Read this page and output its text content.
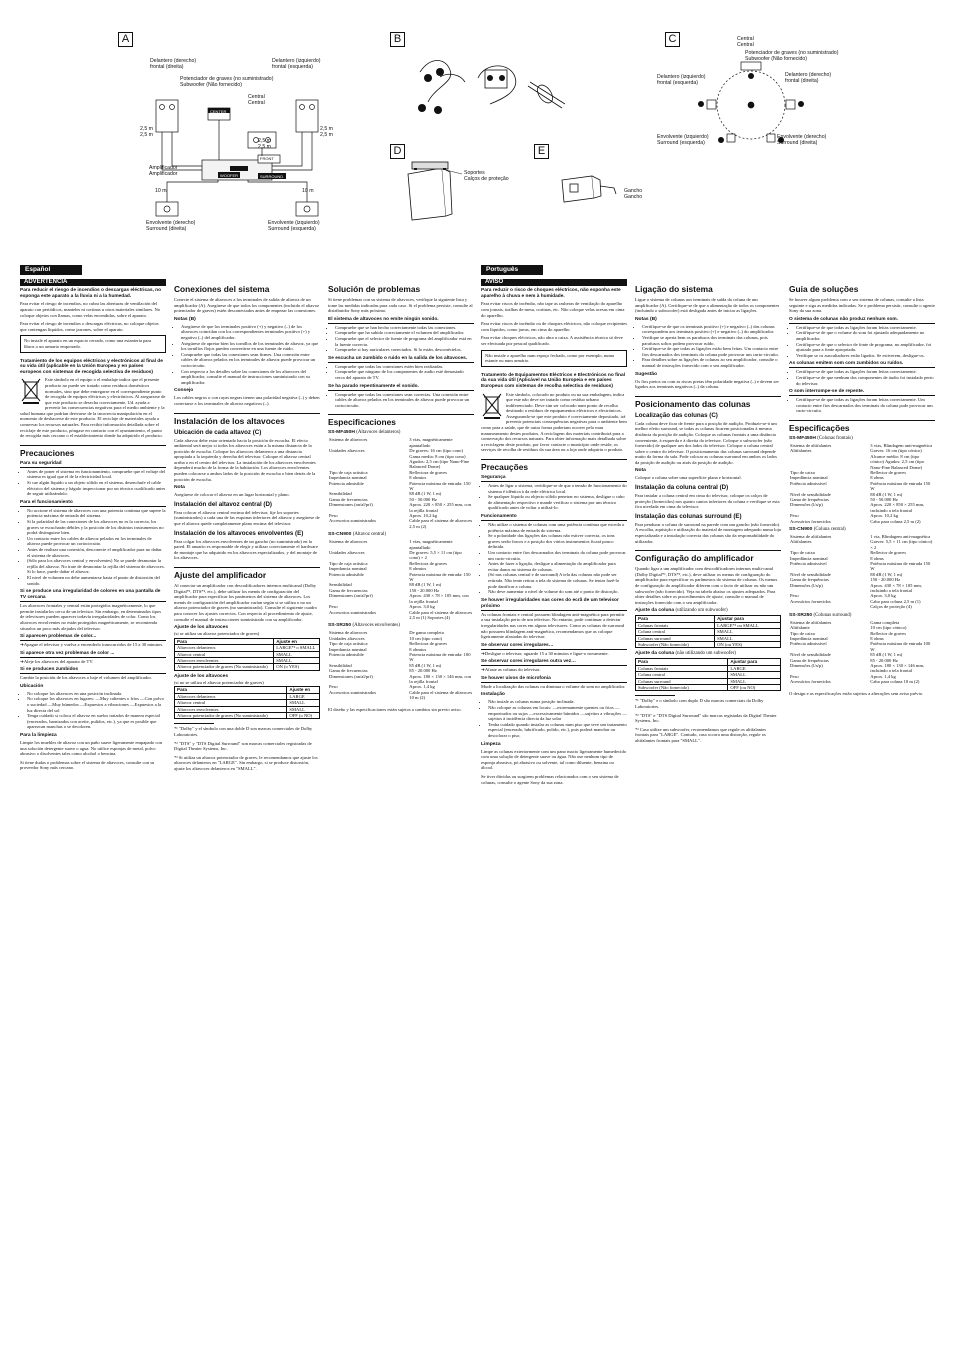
A
Delantero (derecho)
frontal (direita)
Delantero (izquierdo)
frontal (esquerda)
Potenciador de graves (no suministrado)
Subwoofer (Não fornecido)
Central
Central
2,5 m
2,5 m
2,5 m
2,5 m
2,5 m
2,5 m
Amplificador
Amplificador
10 m	10 m
CENTER
FRONT
WOOFER	SURROUND
Envolvente (derecho)
Surround (direita)
Envolvente (izquierdo)
Surround (esquerda)
B	C	Central
Central
Potenciador de graves (no suministrado)
Subwoofer (Não fornecido)
Delantero (izquierdo)
frontal (esquerda)
Delantero (derecho)
frontal (direita)
Envolvente (izquierdo)
Surround (esquerda)
Envolvente (derecho)
Surround (direita)
D
Soportes
Calços de proteção
E
Gancho
Gancho
Español
ADVERTENCIA
Para reducir el riesgo de incendios o descargas eléctricas, no exponga este aparato a la lluvia ni a la humedad.

Para evitar el riesgo de incendios, no cubra las aberturas de ventilación del aparato con periódicos, manteles ni cortinas u otros materiales similares. No coloque objetos con llamas, como velas encendidas, sobre el aparato.

Para evitar el riesgo de incendios o descargas eléctricas, no coloque objetos que contengan líquidos, como jarrones, sobre el aparato.

No instale el aparato en un espacio cerrado, como una estantería para libros o un armario empotrado.
Tratamiento de los equipos eléctricos y electrónicos al final de su vida útil (aplicable en la Unión Europea y en países europeos con sistemas de recogida selectiva de residuos)

Este símbolo en el equipo o el embalaje indica que el presente producto no puede ser tratado como residuos domésticos normales, sino que debe entregarse en el correspondiente punto de recogida de equipos eléctricos y electrónicos. Al asegurarse de que este producto se desecha correctamente, Ud. ayuda a prevenir las consecuencias negativas para el medio ambiente y la salud humana que podrían derivarse de la incorrecta manipulación en el momento de deshacerse de este producto. El reciclaje de materiales ayuda a conservar los recursos naturales. Para recibir información detallada sobre el reciclaje de este producto, póngase en contacto con el ayuntamiento, el punto de recogida más cercano o el establecimiento donde ha adquirido el producto.

Precauciones
Para su seguridad
• Antes de poner el sistema en funcionamiento, compruebe que el voltaje del sistema es igual que el de la electricidad local.
• Si cae algún líquido o un objeto sólido en el sistema, desenchufe el cable eléctrico del sistema y hágalo inspeccionar por un técnico cualificado antes de seguir utilizándolo.
Para el funcionamiento
• No accione el sistema de altavoces con una potencia continua que supere la potencia máxima de entrada del sistema.
• Si la polaridad de las conexiones de los altavoces no es la correcta, los graves se escucharán débiles y la posición de los distintos instrumentos no podrá distinguirse bien.
• Un contacto entre los cables de altavoz pelados en los terminales de altavoz puede provocar un cortocircuito.
• Antes de realizar una conexión, desconecte el amplificador para no dañar el sistema de altavoces.
• (Sólo para los altavoces central y envolventes) No se puede desmontar la rejilla del altavoz. No trate de desmontar la rejilla del sistema de altavoces. Si lo hace, puede dañar el altavoz.
• El nivel de volumen no debe aumentarse hasta el punto de distorsión del sonido.
Si se produce una irregularidad de colores en una pantalla de TV cercana

Los altavoces frontales y central están protegidos magnéticamente, lo que permite instalarlos cerca de un televisor. Sin embargo, en determinados tipos de televisores pueden aparecer todavía irregularidades de color. Como los altavoces envolventes no están protegidos magnéticamente, se recomienda situarlos un poco más alejados del televisor.

Si aparecen problemas de color...

➔Apague el televisor y vuelva a encenderlo transcurridos de 15 a 30 minutos.

Si aparece otra vez problemas de color ...

➔Aleje los altavoces del aparato de TV.

Si se producen zumbidos

Cambie la posición de los altavoces o baje el volumen del amplificador.

Ubicación
• No coloque los altavoces en una posición inclinada.
• No coloque los altavoces en lugares: —Muy calientes o fríos —Con polvo o suciedad —Muy húmedos —Expuestos a vibraciones —Expuestos a la luz directa del sol
• Tenga cuidado si coloca el altavoz en suelos tratados de manera especial (encerados, barnizados con aceite, pulidos, etc.), ya que es posible que aparezcan manchas o se decoloren.
Para la limpieza

Limpie los muebles de altavoz con un paño suave ligeramente empapado con una solución detergente suave o agua. No utilice esponjas de metal, polvo abrasivo o disolventes tales como alcohol o bencina.

Si tiene dudas o problemas sobre el sistema de altavoces, consulte con su proveedor Sony más cercano.

Conexiones del sistema

Conecte el sistema de altavoces a los terminales de salida de altavoz de un amplificador (A). Asegúrese de que todos los componentes (incluido el altavoz potenciador de graves) estén desconectados antes de empezar las conexiones.

Notas (B)
• Asegúrese de que los terminales positivo (+) y negativo (–) de los altavoces coincidan con los correspondientes terminales positivo (+) y negativo (–) del amplificador.
• Asegúrese de apretar bien los tornillos de los terminales de altavoz, ya que los tornillos flojos pueden convertirse en una fuente de ruido.
• Compruebe que todas las conexiones sean firmes. Una conexión entre cables de altavoz pelados en los terminales de altavoz puede provocar un cortocircuito.
• Con respecto a los detalles sobre las conexiones de los altavoces del amplificador, consulte el manual de instrucciones suministrado con su amplificador.
Consejo

Los cables negros o con rayas negras tienen una polaridad negativa (–) y deben conectarse a los terminales de altavoz negativos (–).

Instalación de los altavoces
Ubicación de cada altavoz (C)

Cada altavoz debe estar orientado hacia la posición de escucha. El efecto ambiental será mejor si todos los altavoces están a la misma distancia de la posición de escucha. Coloque los altavoces delanteros a una distancia apropiada a la izquierda y derecha del televisor. Coloque el altavoz central arriba o en el centro del televisor. La instalación de los altavoces envolventes dependerá mucho de la forma de la habitación. Los altavoces envolventes pueden colocarse a ambos lados de la posición de escucha o bien detrás de la posición de escucha.

Nota

Asegúrese de colocar el altavoz en un lugar horizontal y plano.

Instalación del altavoz central (D)

Para colocar el altavoz central encima del televisor, fije los soportes (suministrados) a cada una de las esquinas inferiores del altavoz y asegúrese de que el altavoz quede completamente plano encima del televisor.

Instalación de los altavoces envolventes (E)

Para colgar los altavoces envolventes de un gancho (no suministrado) en la pared. El anuario es responsable de elegir y utilizar correctamente el hardware de montaje que ha adquirido en los altavoces especializados, y del montaje de los altavoces.

Ajuste del amplificador

Al conectar un amplificador con descodificadores internos multicanal (Dolby Digital*¹, DTS*², etc.), debe utilizar los menús de configuración del amplificador para especificar los parámetros del sistema de altavoces. Los menús de configuración del amplificador varían según si se utiliza o no un altavoz potenciador de graves (no suministrado). Consulte el siguiente cuadro para conocer los ajustes correctos. Con respecto al procedimiento de ajuste, consulte el manual de instrucciones suministrado con su amplificador.

Ajuste de los altavoces
(si se utiliza un altavoz potenciador de graves)
Para	Ajuste en
Altavoces delanteros	LARGE*³ o SMALL
Altavoz central	SMALL
Altavoces envolventes	SMALL
Altavoz potenciador de graves (No suministrado)	ON (o YES)
Ajuste de los altavoces
(si no se utiliza el altavoz potenciador de graves)
Para	Ajuste en
Altavoces delanteros	LARGE
Altavoz central	SMALL
Altavoces envolventes	SMALL
Altavoz potenciador de graves (No suministrado)	OFF (o NO)

*¹ "Dolby" y el símbolo con una doble D son marcas comerciales de Dolby Laboratories.

*² "DTS" y "DTS Digital Surround" son marcas comerciales registradas de Digital Theater Systems, Inc.

*³ Si utiliza un altavoz potenciador de graves, le recomendamos que ajuste los altavoces delanteros en "LARGE". Sin embargo, si se produce distorsión, ajuste los altavoces delanteros en "SMALL".

Solución de problemas

Si tiene problemas con su sistema de altavoces, verifique la siguiente lista y tome las medidas indicadas para cada caso. Si el problema persiste, consulte al distribuidor Sony más próximo.

El sistema de altavoces no emite ningún sonido.
• Compruebe que se han hecho correctamente todas las conexiones.
• Compruebe que ha subido correctamente el volumen del amplificador.
• Compruebe que el selector de fuente de programa del amplificador está en la fuente correcta.
• Compruebe si hay auriculares conectados. Si lo están, desconéctelos.
Se escucha un zumbido o ruido en la salida de los altavoces.
• Compruebe que todas las conexiones estén bien realizadas.
• Compruebe que ninguno de los componentes de audio esté demasiado cerca del aparato de TV.
Se ha parado repentinamente el sonido.
• Compruebe que todas las conexiones sean correctas. Una conexión entre cables de altavoz pelados en los terminales de altavoz puede provocar un cortocircuito.
Especificaciones
SS-MF450H (Altavoces delanteros)
Sistema de altavoces	3 vías, magnéticamente apantallado
Unidades altavoces	De graves: 16 cm (tipo cono) Gama media: 8 cm (tipo cono) Agudos: 2,5 cm (tipo Nano-Fine Balanced Dome)
Tipo de caja acústica	Reflectora de graves
Impedancia nominal	8 ohmios
Potencia admisible	Potencia máxima de entrada: 150 W
Sensibilidad	88 dB (1 W, 1 m)
Gama de frecuencias	50 - 50.000 Hz
Dimensiones (an/al/prf)	Aprox. 220 × 850 × 255 mm, con la rejilla frontal
Peso	Aprox. 10,2 kg
Accesorios suministrados	Cable para el sistema de altavoces 2,5 m (2)
SS-CN900 (Altavoz central)
Sistema de altavoces	1 vías, magnéticamente apantallado
Unidades altavoces	De graves: 5,5 × 11 cm (tipo cono) × 2
Tipo de caja acústica	Reflectora de graves
Impedancia nominal	8 ohmios
Potencia admisible	Potencia máxima de entrada: 150 W
Sensibilidad	88 dB (1 W, 1 m)
Gama de frecuencias	150 - 20.000 Hz
Dimensiones (an/al/prf)	Aprox. 430 × 78 × 105 mm, con la rejilla frontal
Peso	Aprox. 3,0 kg
Accesorios suministrados	Cable para el sistema de altavoces 2,5 m (1) Soportes (4)
SS-SR250 (Altavoces envolventes)
Sistema de altavoces	De gama completa
Unidades altavoces	10 cm (tipo cono)
Tipo de caja acústica	Reflectora de graves
Impedancia nominal	8 ohmios
Potencia admisible	Potencia máxima de entrada: 100 W
Sensibilidad	85 dB (1 W, 1 m)
Gama de frecuencias	85 - 20.000 Hz
Dimensiones (an/al/prf)	Aprox. 180 × 130 × 146 mm, con la rejilla frontal
Peso	Aprox. 1,4 kg
Accesorios suministrados	Cable para el sistema de altavoces 10 m (2)

El diseño y las especificaciones están sujetos a cambios sin previo aviso.

Português
AVISO
Para reduzir o risco de choques eléctricos, não exponha este aparelho à chuva e nem à humidade.

Para evitar riscos de incêndio, não tape as rasheras de ventilação do aparelho com jornais, toalhas de mesa, cortinas, etc. Não coloque velas acesas em cima do aparelho.

Para evitar riscos de incêndio ou de choques eléctricos, não coloque recipientes com líquidos, como jarras, em cima do aparelho.

Para evitar choques eléctricos, não abra a caixa. A assistência técnica só deve ser efectuada por pessoal qualificado.

Não instale o aparelho num espaço fechado, como por exemplo, numa estante ou num armário.
Tratamento de Equipamentos Eléctricos e Electrónicos no final da sua vida útil (Aplicável na União Europeia e em países Europeus com sistemas de recolha selectiva de resíduos)

Este símbolo, colocado no produto ou na sua embalagem, indica que este não deve ser tratado como resíduo urbano indiferenciado. Deve sim ser colocado num ponto de recolha destinado a resíduos de equipamentos eléctricos e electrónicos. Assegurando-se que este produto é correctamente depositado, irá prevenir potenciais consequências negativas para o ambiente bem como para a saúde, que de outra forma poderiam ocorrer pelo mau manuseamento destes produtos. A reciclagem dos materiais contribuirá para a conservação dos recursos naturais. Para obter informação mais detalhada sobre a reciclagem deste produto, por favor contacte o município onde reside, os serviços de recolha de resíduos da sua área ou a loja onde adquiriu o produto.

Precauções
Segurança
• Antes de ligar o sistema, certifique-se de que a tensão de funcionamento do sistema é idêntica à da rede eléctrica local.
• Se qualquer líquido ou objecto sólido penetrar no sistema, desligue o cabo de alimentação respectivo e mande verificar o sistema por um técnico qualificado antes de voltar a utilizá-lo.
Funcionamento
• Não utilize o sistema de colunas com uma potência contínua que exceda a potência máxima de entrada do sistema.
• Se a polaridade das ligações das colunas não estiver correcta, os tons graves serão fracos e a posição dos vários instrumentos ficará pouco definida.
• Um contacto entre fios descarnados dos terminais da coluna pode provocar um curto-circuito.
• Antes de fazer a ligação, desligue a alimentação do amplificador para evitar danos no sistema de colunas.
• (Só nas colunas central e de surround) A tela das colunas não pode ser retirada. Não tente retirar a tela do sistema de colunas. Se tentar fazê-lo pode danificar a coluna.
• Não deve aumentar o nível de volume do som até o ponto de distorção.
Se houver irregularidades nas cores do ecrã de um televisor próximo

As colunas frontais e central possuem blindagem anti-magnética para permitir a sua instalação perto de um televisor. No entanto, pode continuar a detectar irregularidades nas cores em alguns televisores. Como as colunas de surround não possuem blindagem anti-magnética, recomendamos que as coloque ligeiramente afastadas do televisor.

Se observar cores irregulares…

➔Desligue o televisor, aguarde 15 a 30 minutos e ligue-o novamente.

Se observar cores irregulares outra vez…

➔Afaste as colunas do televisor.

Se houver uivos de microfonia

Mude a localização das colunas ou diminua o volume do som no amplificador.

Instalação
• Não instale as colunas numa posição inclinada.
• Não coloque as colunas em locais: —extremamente quentes ou frios —empoeirados ou sujos —excessivamente húmidos —sujeitos a vibrações —sujeitos à incidência directa da luz solar
• Tenha cuidado quando instalar as colunas num piso que teve um tratamento especial (encerado, lubrificado, polido, etc.), pois poderá manchar ou descolorar o piso.
Limpeza

Limpe as colunas exteriormente com um pano macio ligeiramente humedecido com uma solução de detergente suave ou água. Não use nenhum tipo de esponja abrasiva, pó abrasivo ou solvente, tal como diluente, benzina ou álcool.

Se tiver dúvidas ou surgirem problemas relacionados com o seu sistema de colunas, consulte o agente Sony da sua zona.

Ligação do sistema

Ligue o sistema de colunas aos terminais de saída da coluna de um amplificador (A). Certifique-se de que a alimentação de todos os componentes (incluindo o subwoofer) está desligada antes de iniciar as ligações.

Notas (B)
• Certifique-se de que os terminais positivo (+) e negativo (–) das colunas correspondem aos terminais positivo (+) e negativo (–) do amplificador.
• Verifique se aperta bem os parafusos dos terminais das colunas, pois parafusos soltos podem provocar ruído.
• Certifique-se de que todas as ligações estão bem feitas. Um contacto entre fios descarnados dos terminais da coluna pode provocar um curto-circuito.
• Para detalhes sobre as ligações de colunas ao seu amplificador, consulte o manual de instruções fornecido com o seu amplificador.
Sugestão

Os fios pretos ou com as riscas pretas têm polaridade negativa (–) e devem ser ligados aos terminais negativos (–) da coluna.

Posicionamento das colunas
Localização das colunas (C)

Cada coluna deve ficar de frente para a posição de audição. Produzir-se-á um melhor efeito surround, se todas as colunas ficarem posicionadas à mesma distância da posição de audição. Coloque as colunas frontais a uma distância conveniente, à esquerda e à direita do televisor. Coloque o subwoofer (não fornecido) de qualquer um dos lados do televisor. Coloque a coluna central sobre o centro do televisor. O posicionamento das colunas surround depende muito da forma da sala. Pode colocar as colunas surround em ambos os lados da posição de audição ou atrás da posição de audição.

Nota

Coloque a coluna sobre uma superfície plana e horizontal.

Instalação da coluna central (D)

Para instalar a coluna central em cima do televisor, coloque os calços de proteção (fornecidos) nos quatro cantos inferiores da coluna e verifique se esta fica nivelada em cima do televisor.

Instalação das colunas surround (E)

Para pendurar a coluna de surround na parede com um gancho (não fornecido). A escolha, aquisição e utilização do material de montagem adequado numa loja especializada e a instalação correcta das colunas são da responsabilidade do utilizador.

Configuração do amplificador

Quando ligar a um amplificador com descodificadores internos multi-canal (Dolby Digital*¹, DTS*², etc.), deve utilizar os menus de configuração do amplificador para especificar os parâmetros do sistema de colunas. Os menus de configuração do amplificador diferem com o facto de utilizar ou não um subwoofer (não fornecido). Veja na tabela abaixo os ajustes adequados. Para obter detalhes sobre os procedimentos de ajuste, consulte o manual de instruções fornecido com o seu amplificador.

Ajuste da coluna (utilizando um subwoofer)
Para	Ajustar para
Colunas frontais	LARGE*³ ou SMALL
Coluna central	SMALL
Colunas surround	SMALL
Subwoofer (Não fornecido)	ON (ou YES)
Ajuste da coluna (não utilizando um subwoofer)
Para	Ajustar para
Colunas frontais	LARGE
Coluna central	SMALL
Colunas surround	SMALL
Subwoofer (Não fornecido)	OFF (ou NO)

*¹ "Dolby" e o símbolo com duplo D são marcas comerciais da Dolby Laboratories.

*² "DTS" e "DTS Digital Surround" são marcas registadas da Digital Theater Systems, Inc.

*³ Caso utilize um subwoofer, recomendamos que regule os altifalantes frontais para "LARGE". Contudo, caso ocorra uma distorção, regule os altifalantes frontais para "SMALL".

Guia de soluções

Se houver algum problema com o seu sistema de colunas, consulte a lista seguinte e siga as medidas indicadas. Se o problema persistir, consulte o agente Sony da sua zona.

O sistema de colunas não produz nenhum som.
• Certifique-se de que todas as ligações foram feitas correctamente.
• Certifique-se de que o volume do som foi ajustado adequadamente no amplificador.
• Certifique-se de que o selector de fonte de programa, no amplificador, foi ajustado para a fonte apropriada.
• Verifique se os auscultadores estão ligados. Se estiverem, desligue-os.
As colunas emitem som com zumbidos ou ruídos.
• Certifique-se de que todas as ligações foram feitas correctamente.
• Certifique-se de que nenhum dos componentes de áudio foi instalado perto do televisor.
O som interrompe-se de repente.
• Certifique-se de que todas as ligações foram feitas correctamente. Um contacto entre fios descarnados dos terminais da coluna pode provocar um curto-circuito.
Especificações
SS-MF450H (Colunas frontais)
Sistema de altifalantes	3 vias, Blindagem anti-magnética
Altifalantes	Graves: 16 cm (tipo cónico) Alcance médio: 8 cm (tipo cónico) Agudos: 2,5 cm (tipo Nano-Fine Balanced Dome)
Tipo de caixa	Reflector de graves
Impedância nominal	8 ohms
Potência admissível	Potência máxima de entrada 150 W
Nível de sensibilidade	88 dB (1 W, 1 m)
Gama de frequências	50 - 50.000 Hz
Dimensões (l/a/p)	Aprox. 220 × 850 × 255 mm, incluindo a tela frontal
Peso	Aprox. 10,2 kg
Acessórios fornecidos	Cabo para coluna 2,5 m (2)
SS-CN900 (Coluna central)
Sistema de altifalantes	1 via, Blindagem anti-magnética
Altifalantes	Graves: 5,5 × 11 cm (tipo cónico) × 2
Tipo de caixa	Reflector de graves
Impedância nominal	8 ohms
Potência admissível	Potência máxima de entrada 150 W
Nível de sensibilidade	88 dB (1 W, 1 m)
Gama de frequências	150 - 20.000 Hz
Dimensões (l/a/p)	Aprox. 430 × 78 × 105 mm, incluindo a tela frontal
Peso	Aprox. 3,0 kg
Acessórios fornecidos	Cabo para coluna 2,5 m (1) Calços de proteção (4)
SS-SR250 (Colunas surround)
Sistema de altifalantes	Gama completa
Altifalante	10 cm (tipo cónico)
Tipo de caixa	Reflector de graves
Impedância nominal	8 ohms
Potência admissível	Potência máxima de entrada 100 W
Nível de sensibilidade	85 dB (1 W, 1 m)
Gama de frequências	85 - 20.000 Hz
Dimensões (l/a/p)	Aprox. 180 × 130 × 146 mm, incluindo a tela frontal
Peso	Aprox. 1,4 kg
Acessórios fornecidos	Cabo para coluna 10 m (2)

O design e as especificações estão sujeitos a alterações sem aviso prévio.
